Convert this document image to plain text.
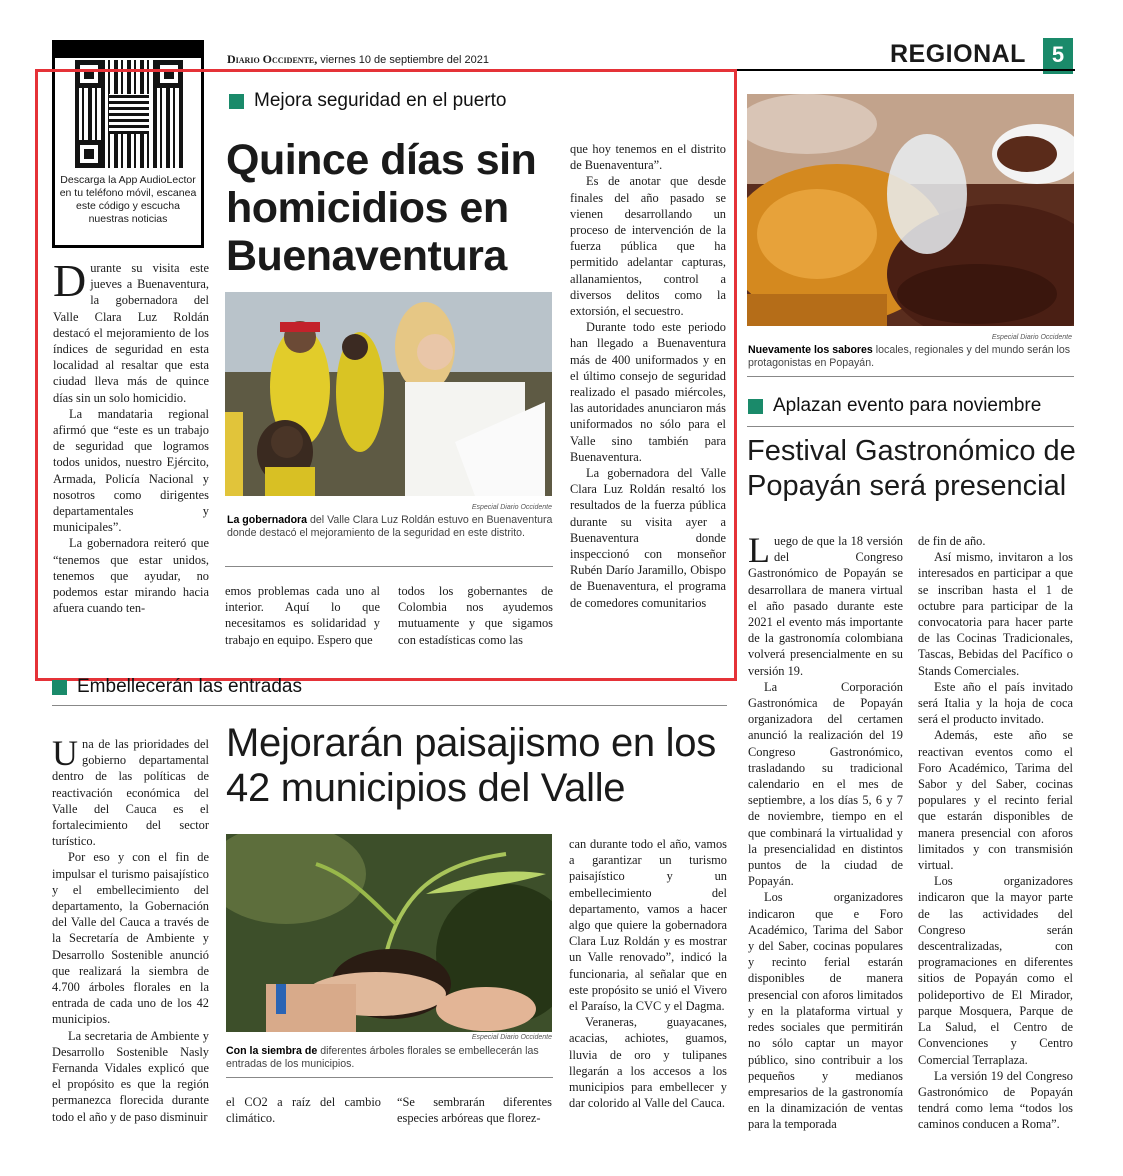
Diario Occidente, viernes 10 de septiembre del 2021	REGIONAL	5
Descarga la App AudioLector en tu teléfono móvil, escanea este código y escucha nuestras noticias
Mejora seguridad en el puerto
Quince días sin homicidios en Buenaventura
D urante su visita este jueves a Buenaventura, la gobernadora del Valle Clara Luz Roldán destacó el mejoramiento de los índices de seguridad en esta localidad al resaltar que esta ciudad lleva más de quince días sin un solo homicidio.

La mandataria regional afirmó que “este es un trabajo de seguridad que logramos todos unidos, nuestro Ejército, Armada, Policía Nacional y nosotros como dirigentes departamentales y municipales”.

La gobernadora reiteró que “tenemos que estar unidos, tenemos que ayudar, no podemos estar mirando hacia afuera cuando ten-

Especial Diario Occidente
La gobernadora del Valle Clara Luz Roldán estuvo en Buenaventura donde destacó el mejoramiento de la seguridad en este distrito.
emos problemas cada uno al interior. Aquí lo que necesitamos es solidaridad y trabajo en equipo. Espero que
todos los gobernantes de Colombia nos ayudemos mutuamente y que sigamos con estadísticas como las

que hoy tenemos en el distrito de Buenaventura”.

Es de anotar que desde finales del año pasado se vienen desarrollando un proceso de intervención de la fuerza pública que ha permitido adelantar capturas, allanamientos, control a diversos delitos como la extorsión, el secuestro.

Durante todo este periodo han llegado a Buenaventura más de 400 uniformados y en el último consejo de seguridad realizado el pasado miércoles, las autoridades anunciaron más uniformados no sólo para el Valle sino también para Buenaventura.

La gobernadora del Valle Clara Luz Roldán resaltó los resultados de la fuerza pública durante su visita ayer a Buenaventura donde inspeccionó con monseñor Rubén Darío Jaramillo, Obispo de Buenaventura, el programa de comedores comunitarios

Especial Diario Occidente
Nuevamente los sabores locales, regionales y del mundo serán los protagonistas en Popayán.
Aplazan evento para noviembre
Festival Gastronómico de Popayán será presencial
L uego de que la 18 versión del Congreso Gastronómico de Popayán se desarrollara de manera virtual el año pasado durante este 2021 el evento más importante de la gastronomía colombiana volverá presencialmente en su versión 19.

La Corporación Gastronómica de Popayán organizadora del certamen anunció la realización del 19 Congreso Gastronómico, trasladando su tradicional calendario en el mes de septiembre, a los días 5, 6 y 7 de noviembre, tiempo en el que combinará la virtualidad y la presencialidad en distintos puntos de la ciudad de Popayán.

Los organizadores indicaron que e Foro Académico, Tarima del Sabor y del Saber, cocinas populares y recinto ferial estarán disponibles de manera presencial con aforos limitados y en la plataforma virtual y redes sociales que permitirán no sólo captar un mayor público, sino contribuir a los pequeños y medianos empresarios de la gastronomía en la dinamización de ventas para la temporada

de fin de año.

Así mismo, invitaron a los interesados en participar a que se inscriban hasta el 1 de octubre para participar de la convocatoria para hacer parte de las Cocinas Tradicionales, Tascas, Bebidas del Pacífico o Stands Comerciales.

Este año el país invitado será Italia y la hoja de coca será el producto invitado.

Además, este año se reactivan eventos como el Foro Académico, Tarima del Sabor y del Saber, cocinas populares y el recinto ferial que estarán disponibles de manera presencial con aforos limitados y con transmisión virtual.

Los organizadores indicaron que la mayor parte de las actividades del Congreso serán descentralizadas, con programaciones en diferentes sitios de Popayán como el polideportivo de El Mirador, parque Mosquera, Parque de La Salud, el Centro de Convenciones y Centro Comercial Terraplaza.

La versión 19 del Congreso Gastronómico de Popayán tendrá como lema “todos los caminos conducen a Roma”.

Embellecerán las entradas
Mejorarán paisajismo en los 42 municipios del Valle
U na de las prioridades del gobierno departamental dentro de las políticas de reactivación económica del Valle del Cauca es el fortalecimiento del sector turístico.

Por eso y con el fin de impulsar el turismo paisajístico y el embellecimiento del departamento, la Gobernación del Valle del Cauca a través de la Secretaría de Ambiente y Desarrollo Sostenible anunció que realizará la siembra de 4.700 árboles florales en la entrada de cada uno de los 42 municipios.

La secretaria de Ambiente y Desarrollo Sostenible Nasly Fernanda Vidales explicó que el propósito es que la región permanezca florecida durante todo el año y de paso disminuir

Especial Diario Occidente
Con la siembra de diferentes árboles florales se embellecerán las entradas de los municipios.
el CO2 a raíz del cambio climático.
“Se sembrarán diferentes especies arbóreas que florez-

can durante todo el año, vamos a garantizar un turismo paisajístico y un embellecimiento del departamento, vamos a hacer algo que quiere la gobernadora Clara Luz Roldán y es mostrar un Valle renovado”, indicó la funcionaria, al señalar que en este propósito se unió el Vivero el Paraíso, la CVC y el Dagma.

Veraneras, guayacanes, acacias, achiotes, guamos, lluvia de oro y tulipanes llegarán a los accesos a los municipios para embellecer y dar colorido al Valle del Cauca.
